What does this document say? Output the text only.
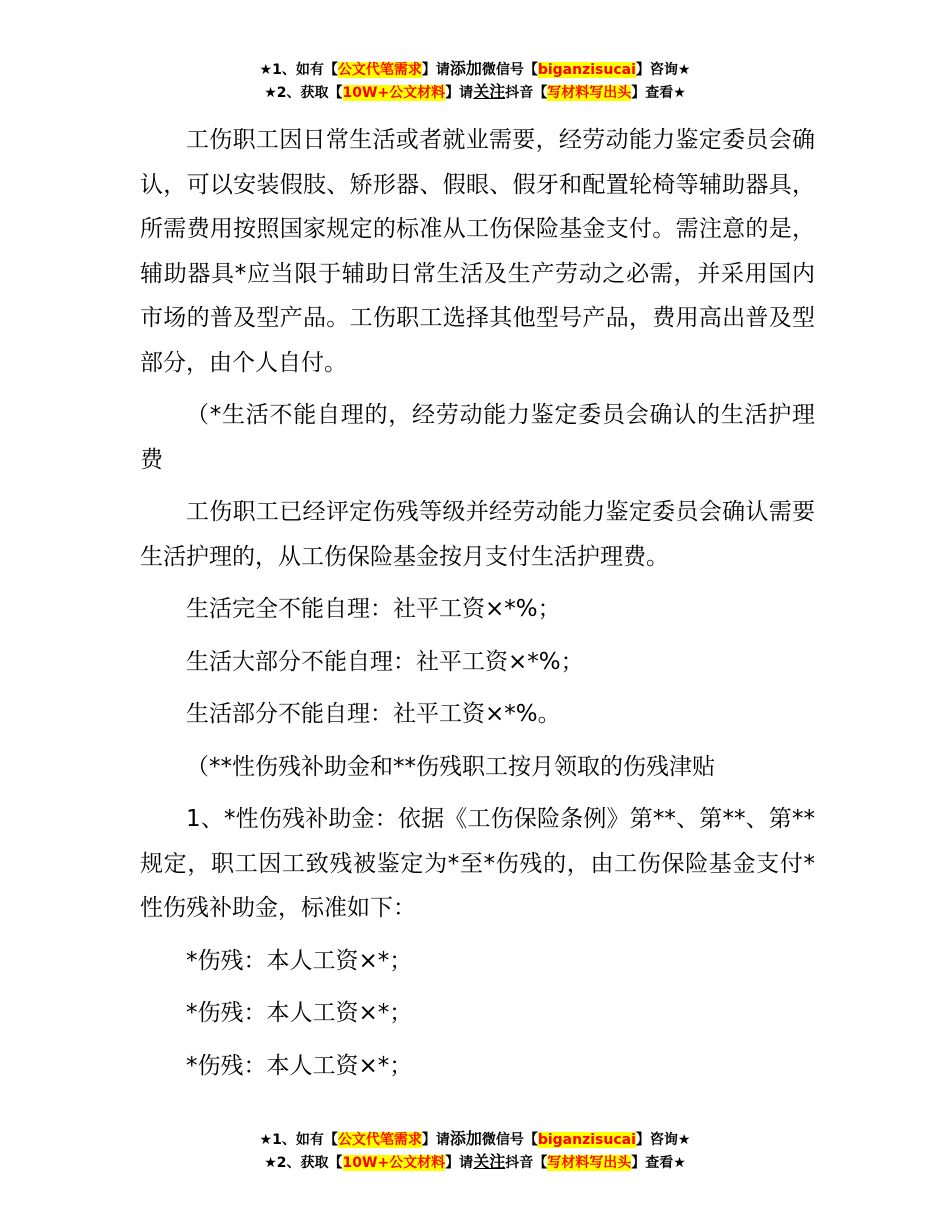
★1、如有【公文代笔需求】请添加微信号【biganzisucai】咨询★
★2、获取【10W+公文材料】请关注抖音【写材料写出头】查看★

工伤职工因日常生活或者就业需要，经劳动能力鉴定委员会确认，可以安装假肢、矫形器、假眼、假牙和配置轮椅等辅助器具，所需费用按照国家规定的标准从工伤保险基金支付。需注意的是，辅助器具*应当限于辅助日常生活及生产劳动之必需，并采用国内市场的普及型产品。工伤职工选择其他型号产品，费用高出普及型部分，由个人自付。

（*生活不能自理的，经劳动能力鉴定委员会确认的生活护理费

工伤职工已经评定伤残等级并经劳动能力鉴定委员会确认需要生活护理的，从工伤保险基金按月支付生活护理费。

生活完全不能自理：社平工资×*%；

生活大部分不能自理：社平工资×*%；

生活部分不能自理：社平工资×*%。

（**性伤残补助金和**伤残职工按月领取的伤残津贴

1、*性伤残补助金：依据《工伤保险条例》第**、第**、第**规定，职工因工致残被鉴定为*至*伤残的，由工伤保险基金支付*性伤残补助金，标准如下：

*伤残：本人工资×*；

*伤残：本人工资×*；

*伤残：本人工资×*；

★1、如有【公文代笔需求】请添加微信号【biganzisucai】咨询★
★2、获取【10W+公文材料】请关注抖音【写材料写出头】查看★
